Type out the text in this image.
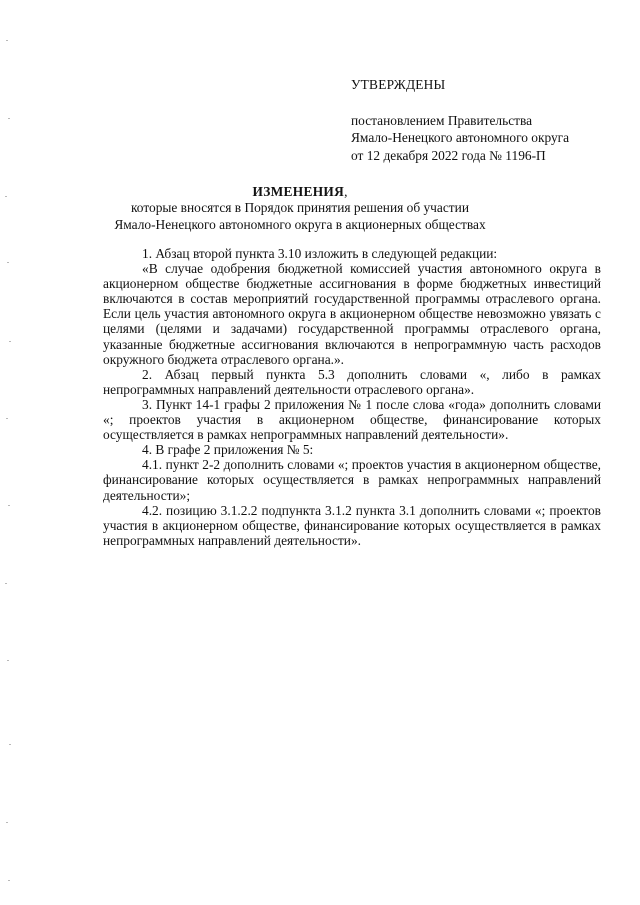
УТВЕРЖДЕНЫ
постановлением Правительства
Ямало-Ненецкого автономного округа
от 12 декабря 2022 года № 1196-П
ИЗМЕНЕНИЯ,
которые вносятся в Порядок принятия решения об участии
Ямало-Ненецкого автономного округа в акционерных обществах

1. Абзац второй пункта 3.10 изложить в следующей редакции:

«В случае одобрения бюджетной комиссией участия автономного округа в акционерном обществе бюджетные ассигнования в форме бюджетных инвестиций включаются в состав мероприятий государственной программы отраслевого органа. Если цель участия автономного округа в акционерном обществе невозможно увязать с целями (целями и задачами) государственной программы отраслевого органа, указанные бюджетные ассигнования включаются в непрограммную часть расходов окружного бюджета отраслевого органа.».

2. Абзац первый пункта 5.3 дополнить словами «, либо в рамках непрограммных направлений деятельности отраслевого органа».

3. Пункт 14-1 графы 2 приложения № 1 после слова «года» дополнить словами «; проектов участия в акционерном обществе, финансирование которых осуществляется в рамках непрограммных направлений деятельности».

4. В графе 2 приложения № 5:

4.1. пункт 2-2 дополнить словами «; проектов участия в акционерном обществе, финансирование которых осуществляется в рамках непрограммных направлений деятельности»;

4.2. позицию 3.1.2.2 подпункта 3.1.2 пункта 3.1 дополнить словами «; проектов участия в акционерном обществе, финансирование которых осуществляется в рамках непрограммных направлений деятельности».
